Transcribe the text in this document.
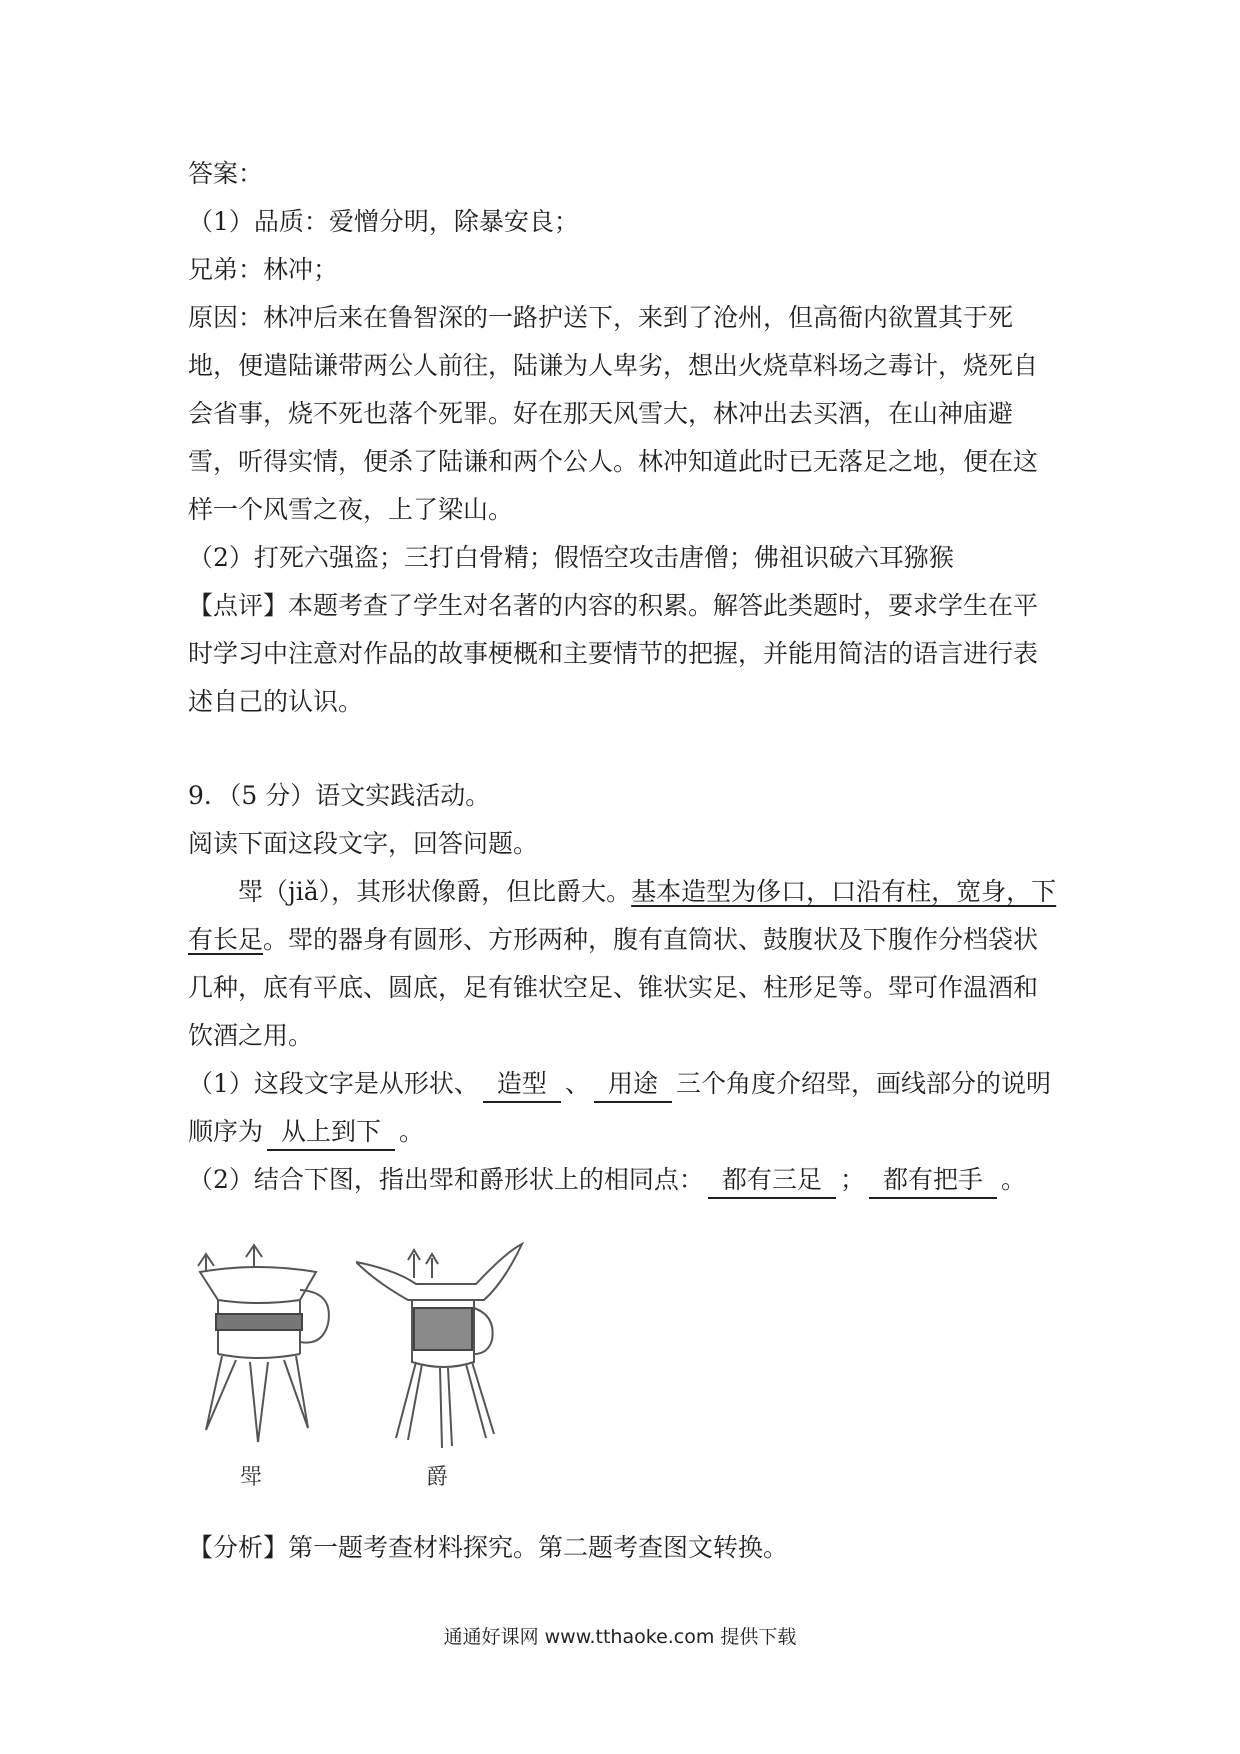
答案：

（1）品质：爱憎分明，除暴安良；

兄弟：林冲；

原因：林冲后来在鲁智深的一路护送下，来到了沧州，但高衙内欲置其于死地，便遣陆谦带两公人前往，陆谦为人卑劣，想出火烧草料场之毒计，烧死自会省事，烧不死也落个死罪。好在那天风雪大，林冲出去买酒，在山神庙避雪，听得实情，便杀了陆谦和两个公人。林冲知道此时已无落足之地，便在这样一个风雪之夜，上了梁山。

（2）打死六强盗；三打白骨精；假悟空攻击唐僧；佛祖识破六耳猕猴

【点评】本题考查了学生对名著的内容的积累。解答此类题时，要求学生在平时学习中注意对作品的故事梗概和主要情节的把握，并能用简洁的语言进行表述自己的认识。

9．（5 分）语文实践活动。

阅读下面这段文字，回答问题。

斝（jiǎ），其形状像爵，但比爵大。基本造型为侈口，口沿有柱，宽身，下有长足。斝的器身有圆形、方形两种，腹有直筒状、鼓腹状及下腹作分档袋状几种，底有平底、圆底，足有锥状空足、锥状实足、柱形足等。斝可作温酒和饮酒之用。

（1）这段文字是从形状、 造型 、 用途 三个角度介绍斝，画线部分的说明顺序为 从上到下 。

（2）结合下图，指出斝和爵形状上的相同点： 都有三足 ； 都有把手 。

斝	爵

【分析】第一题考查材料探究。第二题考查图文转换。

通通好课网 www.tthaoke.com 提供下载
